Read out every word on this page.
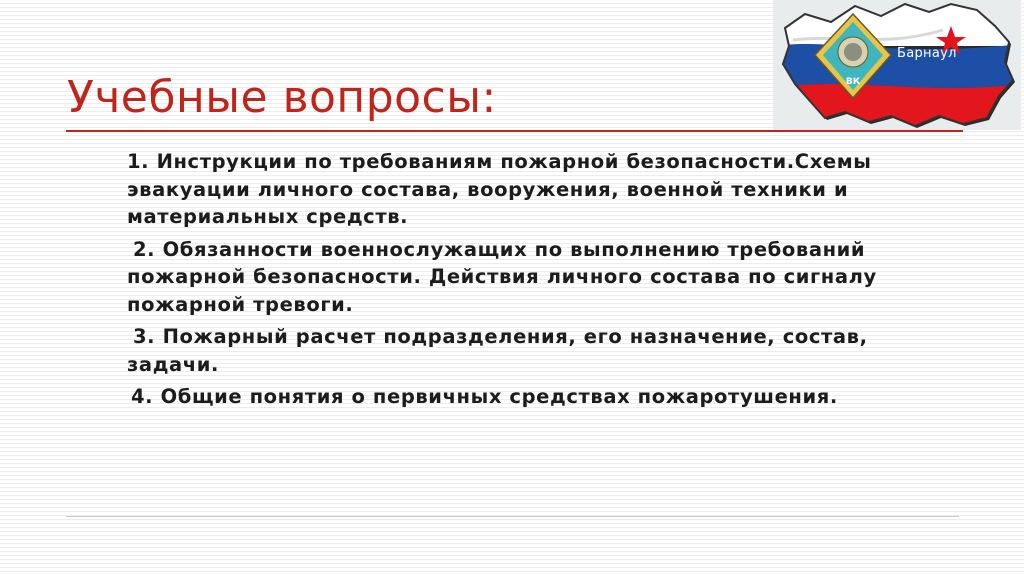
ВК
Барнаул
Учебные вопросы:
1. Инструкции по требованиям пожарной безопасности.Схемы эвакуации личного состава, вооружения, военной техники и материальных средств.
2. Обязанности военнослужащих по выполнению требований пожарной безопасности. Действия личного состава по сигналу пожарной тревоги.
3. Пожарный расчет подразделения, его назначение, состав, задачи.
4. Общие понятия о первичных средствах пожаротушения.
